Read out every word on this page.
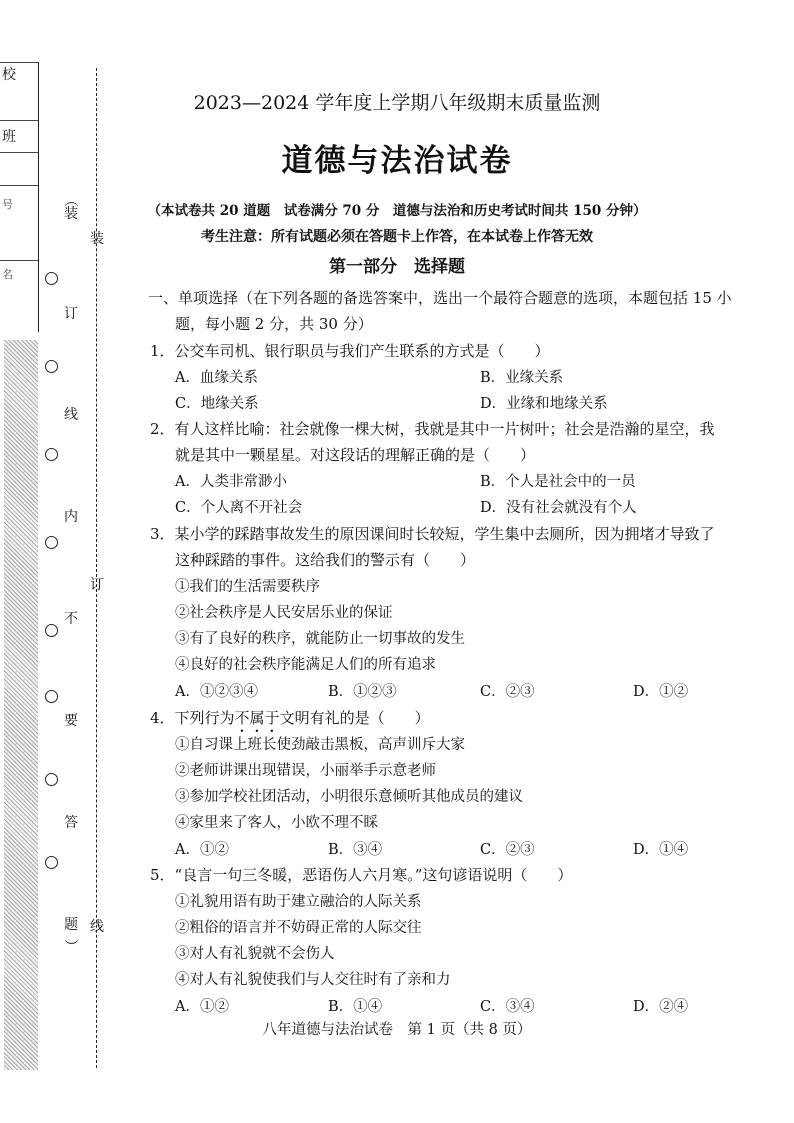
校
班
号
名
装
订
线
（
装
订
线
内
不
要
答
题
）
2023—2024 学年度上学期八年级期末质量监测
道德与法治试卷
（本试卷共 20 道题　试卷满分 70 分　道德与法治和历史考试时间共 150 分钟）
考生注意：所有试题必须在答题卡上作答，在本试卷上作答无效
第一部分　选择题
一、单项选择（在下列各题的备选答案中，选出一个最符合题意的选项，本题包括 15 小
题，每小题 2 分，共 30 分）
1．公交车司机、银行职员与我们产生联系的方式是（　　）
A．血缘关系	B．业缘关系
C．地缘关系	D．业缘和地缘关系
2．有人这样比喻：社会就像一棵大树，我就是其中一片树叶；社会是浩瀚的星空，我
就是其中一颗星星。对这段话的理解正确的是（　　）
A．人类非常渺小	B．个人是社会中的一员
C．个人离不开社会	D．没有社会就没有个人
3．某小学的踩踏事故发生的原因课间时长较短，学生集中去厕所，因为拥堵才导致了
这种踩踏的事件。这给我们的警示有（　　）
①我们的生活需要秩序
②社会秩序是人民安居乐业的保证
③有了良好的秩序，就能防止一切事故的发生
④良好的社会秩序能满足人们的所有追求
A．①②③④	B．①②③	C．②③	D．①②
4．下列行为不属于文明有礼的是（　　）
①自习课上班长使劲敲击黑板，高声训斥大家
②老师讲课出现错误，小丽举手示意老师
③参加学校社团活动，小明很乐意倾听其他成员的建议
④家里来了客人，小欧不理不睬
A．①②	B．③④	C．②③	D．①④
5．“良言一句三冬暖，恶语伤人六月寒。”这句谚语说明（　　）
①礼貌用语有助于建立融洽的人际关系
②粗俗的语言并不妨碍正常的人际交往
③对人有礼貌就不会伤人
④对人有礼貌使我们与人交往时有了亲和力
A．①②	B．①④	C．③④	D．②④
八年道德与法治试卷　第 1 页（共 8 页）
